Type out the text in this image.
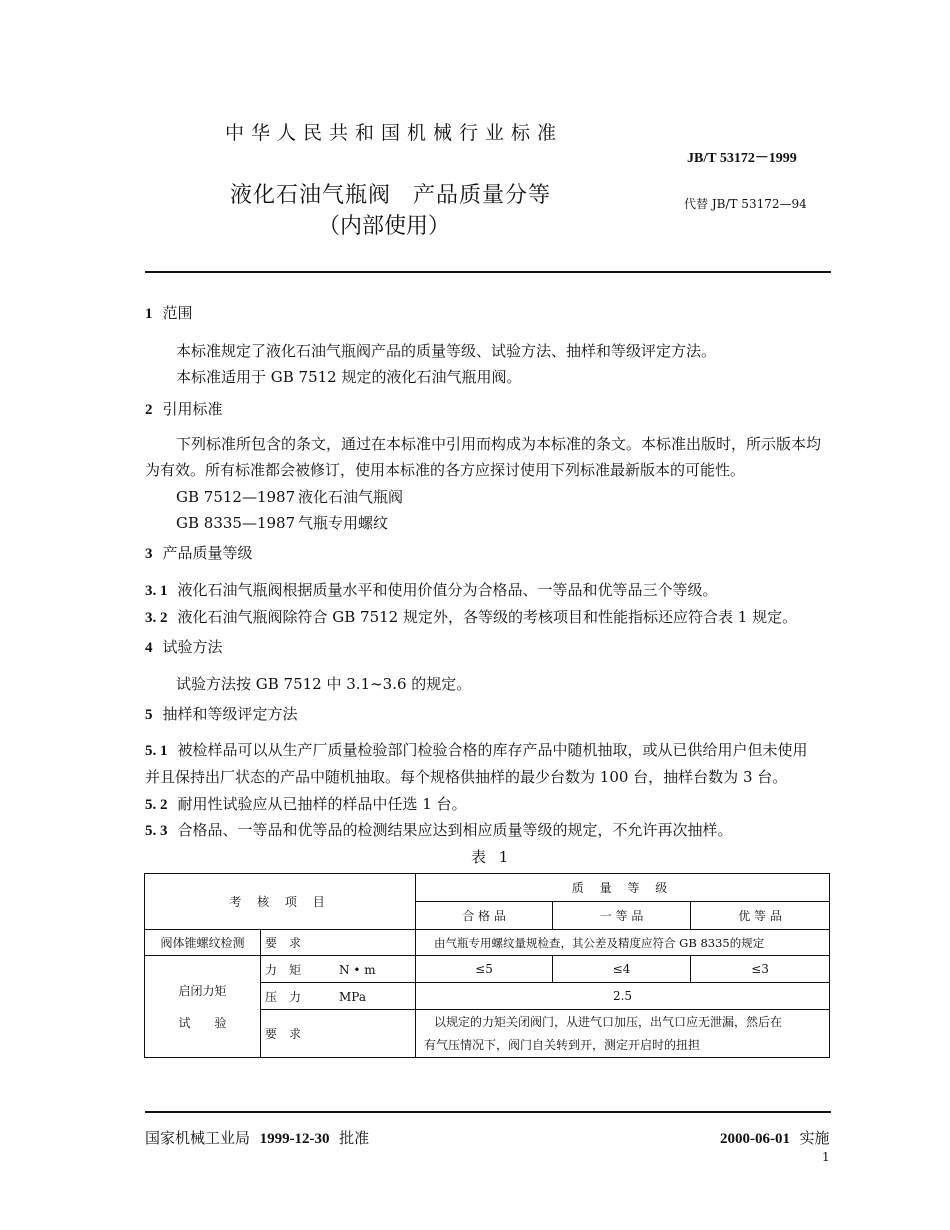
中华人民共和国机械行业标准
JB/T 53172－1999
液化石油气瓶阀 产品质量分等
（内部使用）
代替 JB/T 53172—94
1 范围
本标准规定了液化石油气瓶阀产品的质量等级、试验方法、抽样和等级评定方法。
本标准适用于 GB 7512 规定的液化石油气瓶用阀。
2 引用标准
下列标准所包含的条文，通过在本标准中引用而构成为本标准的条文。本标准出版时，所示版本均
为有效。所有标准都会被修订，使用本标准的各方应探讨使用下列标准最新版本的可能性。
GB 7512—1987 液化石油气瓶阀
GB 8335—1987 气瓶专用螺纹
3 产品质量等级
3. 1 液化石油气瓶阀根据质量水平和使用价值分为合格品、一等品和优等品三个等级。
3. 2 液化石油气瓶阀除符合 GB 7512 规定外，各等级的考核项目和性能指标还应符合表 1 规定。
4 试验方法
试验方法按 GB 7512 中 3.1~3.6 的规定。
5 抽样和等级评定方法
5. 1 被检样品可以从生产厂质量检验部门检验合格的库存产品中随机抽取，或从已供给用户但未使用
并且保持出厂状态的产品中随机抽取。每个规格供抽样的最少台数为 100 台，抽样台数为 3 台。
5. 2 耐用性试验应从已抽样的样品中任选 1 台。
5. 3 合格品、一等品和优等品的检测结果应达到相应质量等级的规定，不允许再次抽样。
表 1
考 核 项 目		质 量 等 级		
		合 格 品	一 等 品	优 等 品
阀体锥螺纹检测	要　求	由气瓶专用螺纹量规检查，其公差及精度应符合 GB 8335的规定		

启闭力矩
试　　验	力　矩 N • m	≤5	≤4	≤3
	压　力 MPa	2.5		
	要　求	以规定的力矩关闭阀门，从进气口加压，出气口应无泄漏，然后在
有气压情况下，阀门自关转到开，测定开启时的扭担		
国家机械工业局 1999-12-30 批准	2000-06-01 实施
1
